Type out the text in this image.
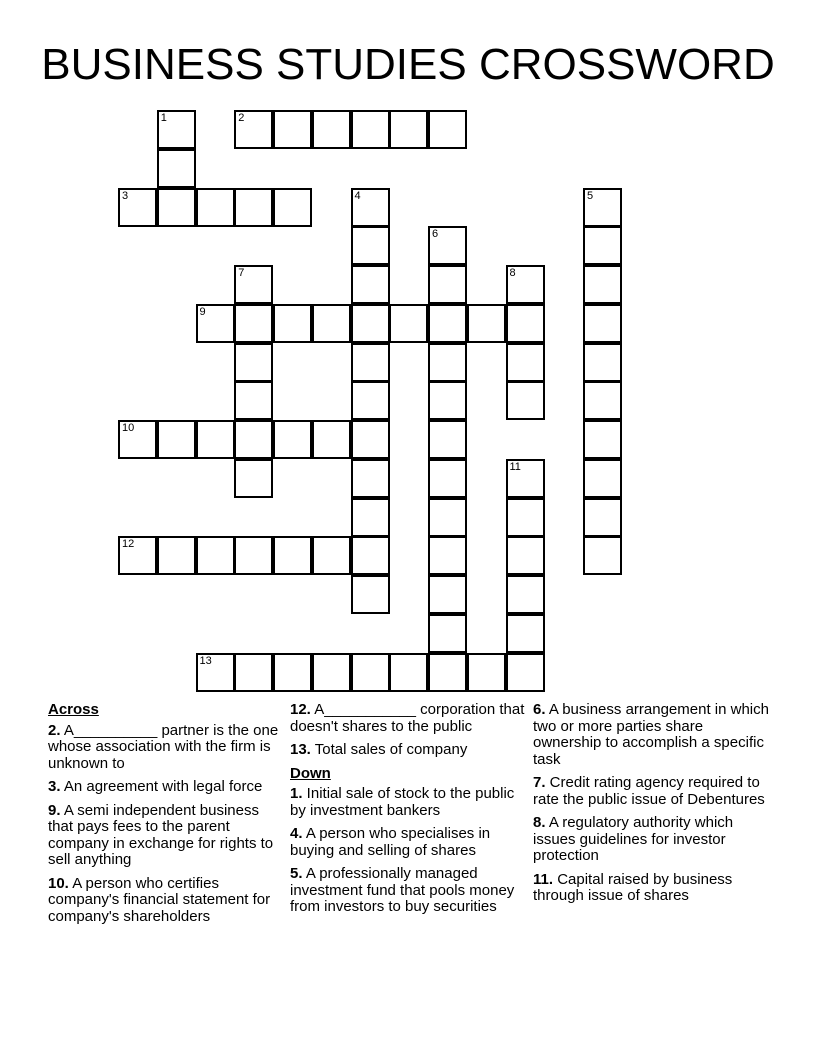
BUSINESS STUDIES CROSSWORD
1	2
3	4	5
6
7	8
9
10
11
12
13
Across
2. A__________ partner is the one whose association with the firm is unknown to
3. An agreement with legal force
9. A semi independent business that pays fees to the parent company in exchange for rights to sell anything
10. A person who certifies company's financial statement for company's shareholders
12. A___________ corporation that doesn't shares to the public
13. Total sales of company
Down
1. Initial sale of stock to the public by investment bankers
4. A person who specialises in buying and selling of shares
5. A professionally managed investment fund that pools money from investors to buy securities
6. A business arrangement in which two or more parties share ownership to accomplish a specific task
7. Credit rating agency required to rate the public issue of Debentures
8. A regulatory authority which issues guidelines for investor protection
11. Capital raised by business through issue of shares
